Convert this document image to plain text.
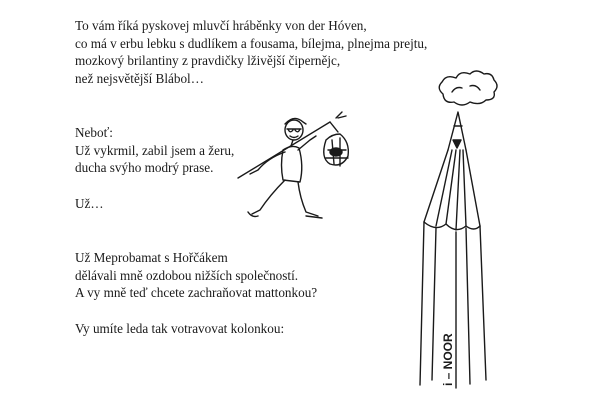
To vám říká pyskovej mluvčí hráběnky von der Hóven,
co má v erbu lebku s dudlíkem a fousama, bílejma, plnejma prejtu,
mozkový brilantiny z pravdičky lživější čiperněјc,
než nejsvětější Blábol…

Neboť:
Už vykrmil, zabil jsem a žeru,
ducha svýho modrý prase.

Už…

Už Meprobamat s Hořčákem
dělávali mně ozdobou nižších společností.
A vy mně teď chcete zachraňovat mattonkou?

Vy umíte leda tak votravovat kolonkou:

i – NOOR
